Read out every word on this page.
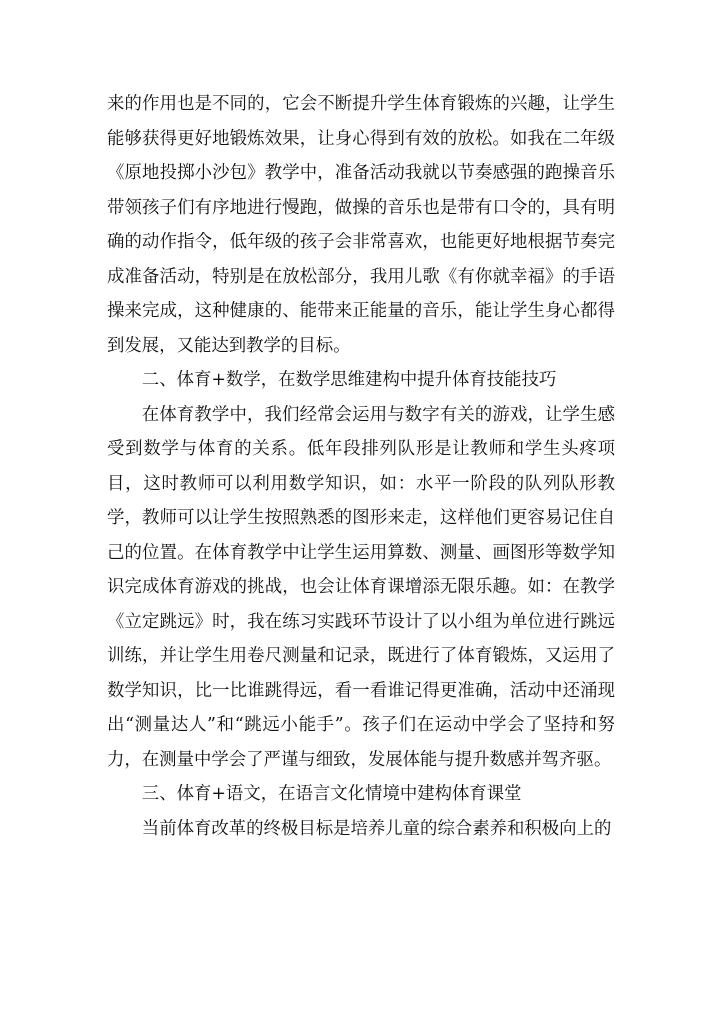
来的作用也是不同的，它会不断提升学生体育锻炼的兴趣，让学生能够获得更好地锻炼效果，让身心得到有效的放松。如我在二年级《原地投掷小沙包》教学中，准备活动我就以节奏感强的跑操音乐带领孩子们有序地进行慢跑，做操的音乐也是带有口令的，具有明确的动作指令，低年级的孩子会非常喜欢，也能更好地根据节奏完成准备活动，特别是在放松部分，我用儿歌《有你就幸福》的手语操来完成，这种健康的、能带来正能量的音乐，能让学生身心都得到发展，又能达到教学的目标。

二、体育+数学，在数学思维建构中提升体育技能技巧

在体育教学中，我们经常会运用与数字有关的游戏，让学生感受到数学与体育的关系。低年段排列队形是让教师和学生头疼项目，这时教师可以利用数学知识，如：水平一阶段的队列队形教学，教师可以让学生按照熟悉的图形来走，这样他们更容易记住自己的位置。在体育教学中让学生运用算数、测量、画图形等数学知识完成体育游戏的挑战，也会让体育课增添无限乐趣。如：在教学《立定跳远》时，我在练习实践环节设计了以小组为单位进行跳远训练，并让学生用卷尺测量和记录，既进行了体育锻炼，又运用了数学知识，比一比谁跳得远，看一看谁记得更准确，活动中还涌现出“测量达人”和“跳远小能手”。孩子们在运动中学会了坚持和努力，在测量中学会了严谨与细致，发展体能与提升数感并驾齐驱。

三、体育+语文，在语言文化情境中建构体育课堂

当前体育改革的终极目标是培养儿童的综合素养和积极向上的
